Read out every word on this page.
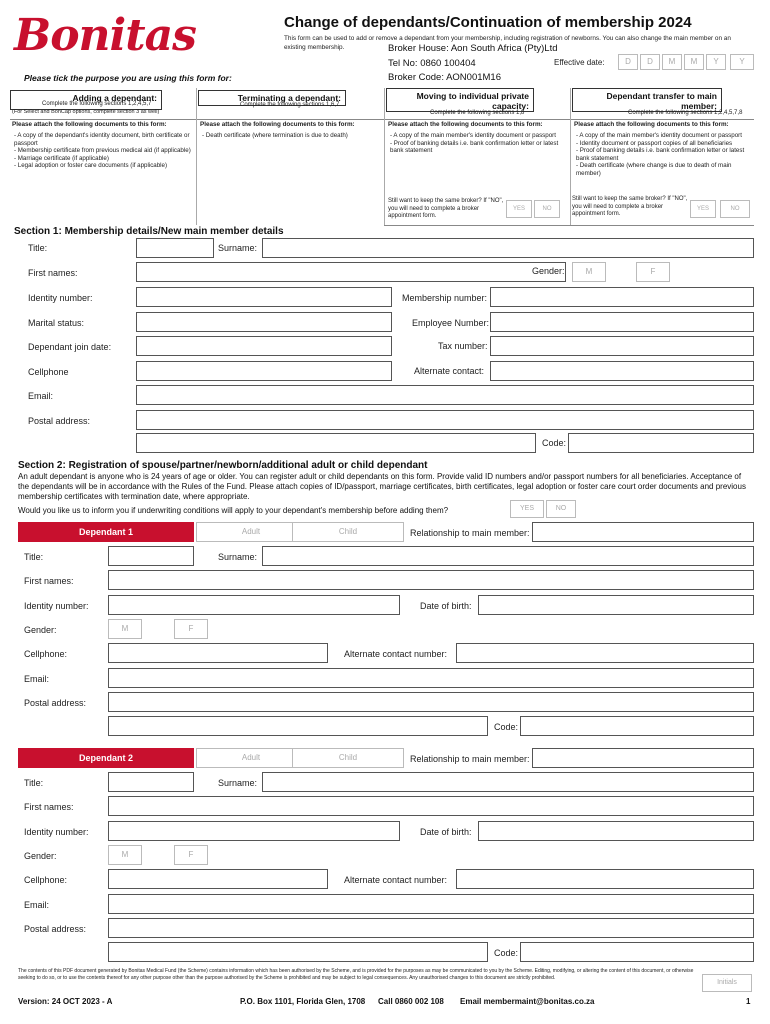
Bonitas	Change of dependants/Continuation of membership 2024
This form can be used to add or remove a dependant from your membership, including registration of newborns. You can also change the main member on an existing membership.	Broker House: Aon South Africa (Pty)Ltd
Tel No: 0860 100404
Broker Code: AON001M16
Effective date:	D	D	M	M	Y	Y
Please tick the purpose you are using this form for:
Adding a dependant:
Complete the following sections 1,2,4,5,7
(For Select and BonCap options, complete section 3 as well)
Terminating a dependant:
Complete the following sections 1,6,7
Moving to individual private capacity:
Complete the following sections 1,8
Dependant transfer to main member:
Complete the following sections 1,2,4,5,7,8
Please attach the following documents to this form:
- A copy of the dependant's identity document, birth certificate or passport
- Membership certificate from previous medical aid (if applicable)
- Marriage certificate (if applicable)
- Legal adoption or foster care documents (if applicable)
Please attach the following documents to this form:
- Death certificate (where termination is due to death)
Please attach the following documents to this form:
- A copy of the main member's identity document or passport
- Proof of banking details i.e. bank confirmation letter or latest bank statement
Please attach the following documents to this form:
- A copy of the main member's identity document or passport
- Identity document or passport copies of all beneficiaries
- Proof of banking details i.e. bank confirmation letter or latest bank statement
- Death certificate (where change is due to death of main member)
Still want to keep the same broker? If "NO", you will need to complete a broker appointment form.
YES	NO
Still want to keep the same broker? If "NO", you will need to complete a broker appointment form.
YES	NO
Section 1: Membership details/New main member details
Title:	Surname:
First names:	Gender:	M	F
Identity number:	Membership number:
Marital status:	Employee Number:
Dependant join date:	Tax number:
Cellphone	Alternate contact:
Email:
Postal address:
Code:
Section 2: Registration of spouse/partner/newborn/additional adult or child dependant
An adult dependant is anyone who is 24 years of age or older. You can register adult or child dependants on this form. Provide valid ID numbers and/or passport numbers for all beneficiaries. Acceptance of the dependants will be in accordance with the Rules of the Fund. Please attach copies of ID/passport, marriage certificates, birth certificates, legal adoption or foster care court order documents and previous membership certificates with termination date, where appropriate.
Would you like us to inform you if underwriting conditions will apply to your dependant's membership before adding them?	YES	NO
Dependant 1	Adult	Child	Relationship to main member:
Title:	Surname:
First names:
Identity number:	Date of birth:
Gender:	M	F
Cellphone:	Alternate contact number:
Email:
Postal address:
Code:
Dependant 2	Adult	Child	Relationship to main member:
Title:	Surname:
First names:
Identity number:	Date of birth:
Gender:	M	F
Cellphone:	Alternate contact number:
Email:
Postal address:
Code:
The contents of this PDF document generated by Bonitas Medical Fund (the Scheme) contains information which has been authorised by the Scheme, and is provided for the purposes as may be communicated to you by the Scheme. Editing, modifying, or altering the content of this document, or otherwise seeking to do so, or to use the contents thereof for any other purpose other than the purpose authorised by the Scheme is prohibited and may be subject to legal consequences. Any unauthorised changes to this document are strictly prohibited.
Initials
Version: 24 OCT 2023 - A	P.O. Box 1101, Florida Glen, 1708 Call 0860 002 108 Email membermaint@bonitas.co.za	1
